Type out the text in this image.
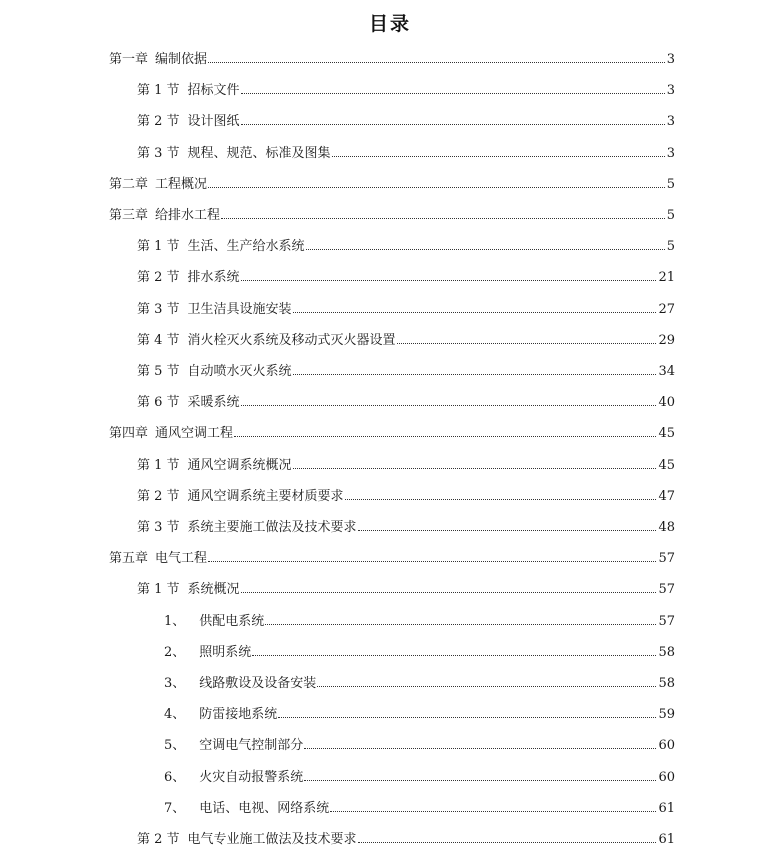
目录
第一章 编制依据	3
第 1 节 招标文件	3
第 2 节 设计图纸	3
第 3 节 规程、规范、标准及图集	3
第二章 工程概况	5
第三章 给排水工程	5
第 1 节 生活、生产给水系统	5
第 2 节 排水系统	21
第 3 节 卫生洁具设施安装	27
第 4 节 消火栓灭火系统及移动式灭火器设置	29
第 5 节 自动喷水灭火系统	34
第 6 节 采暖系统	40
第四章 通风空调工程	45
第 1 节 通风空调系统概况	45
第 2 节 通风空调系统主要材质要求	47
第 3 节 系统主要施工做法及技术要求	48
第五章 电气工程	57
第 1 节 系统概况	57
1、 供配电系统	57
2、 照明系统	58
3、 线路敷设及设备安装	58
4、 防雷接地系统	59
5、 空调电气控制部分	60
6、 火灾自动报警系统	60
7、 电话、电视、网络系统	61
第 2 节 电气专业施工做法及技术要求	61
